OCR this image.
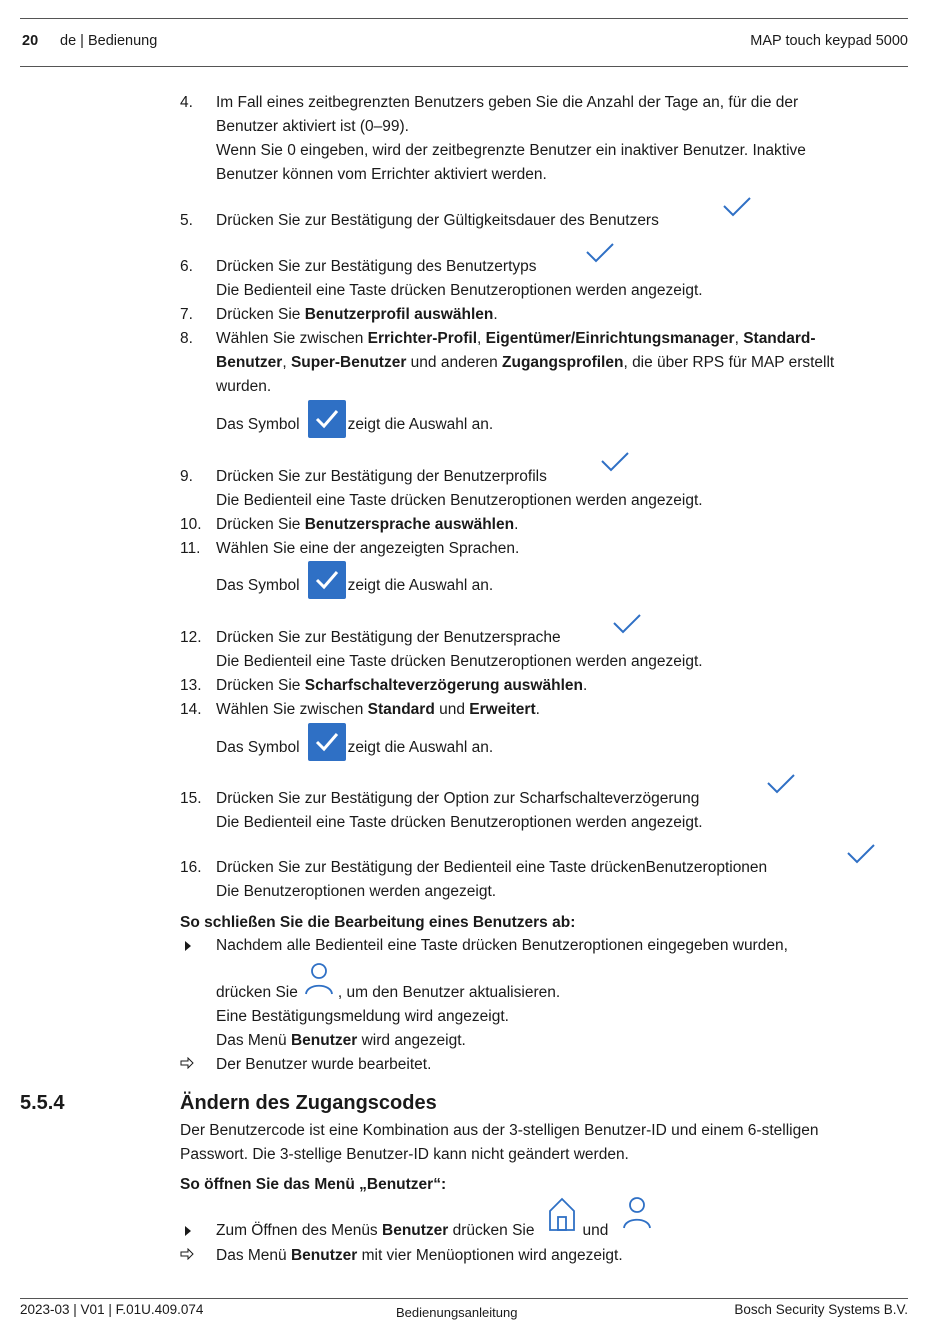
20 de | Bedienung	MAP touch keypad 5000
4. Im Fall eines zeitbegrenzten Benutzers geben Sie die Anzahl der Tage an, für die der
Benutzer aktiviert ist (0–99).
Wenn Sie 0 eingeben, wird der zeitbegrenzte Benutzer ein inaktiver Benutzer. Inaktive
Benutzer können vom Errichter aktiviert werden.
5. Drücken Sie zur Bestätigung der Gültigkeitsdauer des Benutzers
6. Drücken Sie zur Bestätigung des Benutzertyps
Die Bedienteil eine Taste drücken Benutzeroptionen werden angezeigt.
7. Drücken Sie Benutzerprofil auswählen.
8. Wählen Sie zwischen Errichter-Profil, Eigentümer/Einrichtungsmanager, Standard-
Benutzer, Super-Benutzer und anderen Zugangsprofilen, die über RPS für MAP erstellt
wurden.
Das Symbol	zeigt die Auswahl an.
9. Drücken Sie zur Bestätigung der Benutzerprofils
Die Bedienteil eine Taste drücken Benutzeroptionen werden angezeigt.
10. Drücken Sie Benutzersprache auswählen.
11. Wählen Sie eine der angezeigten Sprachen.
Das Symbol	zeigt die Auswahl an.
12. Drücken Sie zur Bestätigung der Benutzersprache
Die Bedienteil eine Taste drücken Benutzeroptionen werden angezeigt.
13. Drücken Sie Scharfschalteverzögerung auswählen.
14. Wählen Sie zwischen Standard und Erweitert.
Das Symbol	zeigt die Auswahl an.
15. Drücken Sie zur Bestätigung der Option zur Scharfschalteverzögerung
Die Bedienteil eine Taste drücken Benutzeroptionen werden angezeigt.
16. Drücken Sie zur Bestätigung der Bedienteil eine Taste drückenBenutzeroptionen
Die Benutzeroptionen werden angezeigt.
So schließen Sie die Bearbeitung eines Benutzers ab:
Nachdem alle Bedienteil eine Taste drücken Benutzeroptionen eingegeben wurden,
drücken Sie	, um den Benutzer aktualisieren.
Eine Bestätigungsmeldung wird angezeigt.
Das Menü Benutzer wird angezeigt.
Der Benutzer wurde bearbeitet.
5.5.4	Ändern des Zugangscodes
Der Benutzercode ist eine Kombination aus der 3-stelligen Benutzer-ID und einem 6-stelligen
Passwort. Die 3-stellige Benutzer-ID kann nicht geändert werden.
So öffnen Sie das Menü „Benutzer“:
Zum Öffnen des Menüs Benutzer drücken Sie	und
Das Menü Benutzer mit vier Menüoptionen wird angezeigt.
2023-03 | V01 | F.01U.409.074	Bedienungsanleitung	Bosch Security Systems B.V.
